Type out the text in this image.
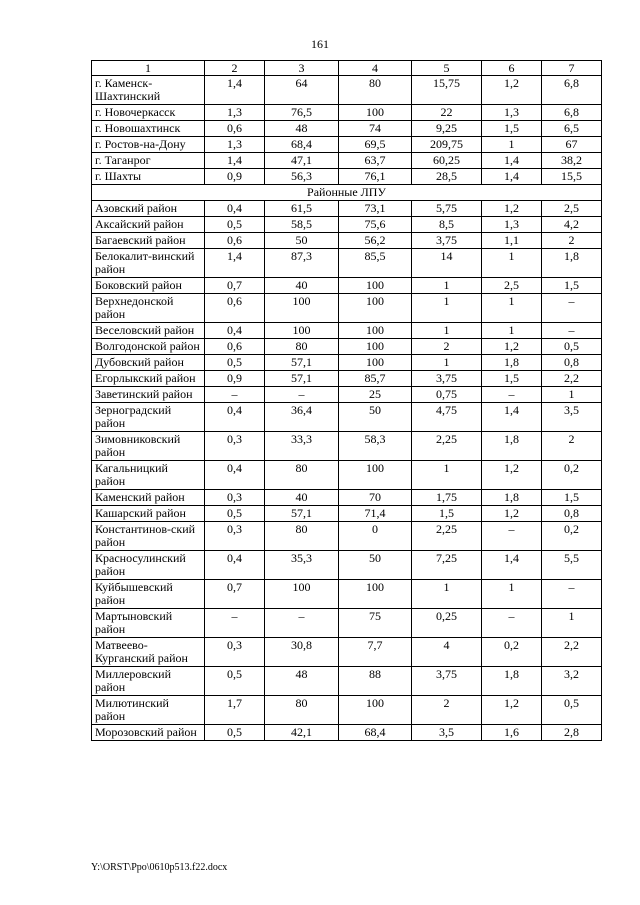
161
1	2	3	4	5	6	7
г. Каменск-Шахтинский	1,4	64	80	15,75	1,2	6,8
г. Новочеркасск	1,3	76,5	100	22	1,3	6,8
г. Новошахтинск	0,6	48	74	9,25	1,5	6,5
г. Ростов-на-Дону	1,3	68,4	69,5	209,75	1	67
г. Таганрог	1,4	47,1	63,7	60,25	1,4	38,2
г. Шахты	0,9	56,3	76,1	28,5	1,4	15,5
Районные ЛПУ						
Азовский район	0,4	61,5	73,1	5,75	1,2	2,5
Аксайский район	0,5	58,5	75,6	8,5	1,3	4,2
Багаевский район	0,6	50	56,2	3,75	1,1	2
Белокалит-винский район	1,4	87,3	85,5	14	1	1,8
Боковский район	0,7	40	100	1	2,5	1,5
Верхнедонской район	0,6	100	100	1	1	–
Веселовский район	0,4	100	100	1	1	–
Волгодонской район	0,6	80	100	2	1,2	0,5
Дубовский район	0,5	57,1	100	1	1,8	0,8
Егорлыкский район	0,9	57,1	85,7	3,75	1,5	2,2
Заветинский район	–	–	25	0,75	–	1
Зерноградский район	0,4	36,4	50	4,75	1,4	3,5
Зимовниковский район	0,3	33,3	58,3	2,25	1,8	2
Кагальницкий район	0,4	80	100	1	1,2	0,2
Каменский район	0,3	40	70	1,75	1,8	1,5
Кашарский район	0,5	57,1	71,4	1,5	1,2	0,8
Константинов-ский район	0,3	80	0	2,25	–	0,2
Красносулинский район	0,4	35,3	50	7,25	1,4	5,5
Куйбышевский район	0,7	100	100	1	1	–
Мартыновский район	–	–	75	0,25	–	1
Матвеево-Курганский район	0,3	30,8	7,7	4	0,2	2,2
Миллеровский район	0,5	48	88	3,75	1,8	3,2
Милютинский район	1,7	80	100	2	1,2	0,5
Морозовский район	0,5	42,1	68,4	3,5	1,6	2,8
Y:\ORST\Ppo\0610p513.f22.docx
